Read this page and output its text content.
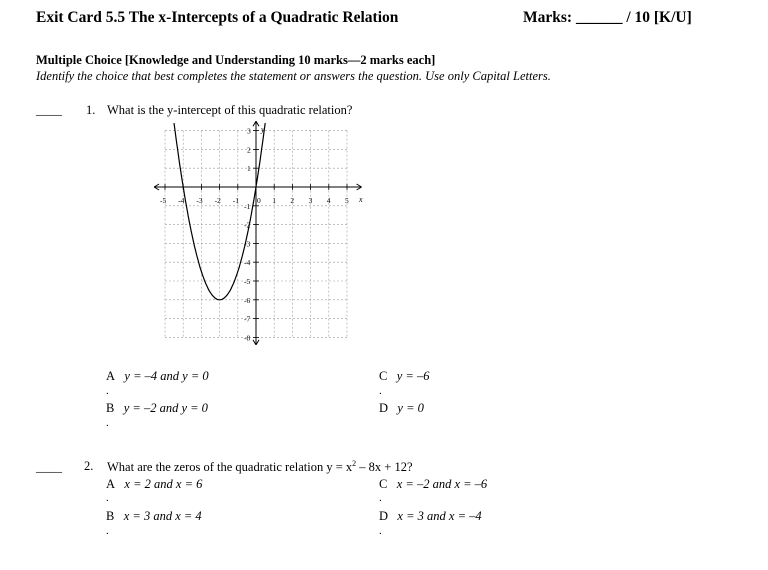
Exit Card 5.5 The x-Intercepts of a Quadratic Relation	Marks: ______ / 10 [K/U]
Multiple Choice [Knowledge and Understanding 10 marks—2 marks each]
Identify the choice that best completes the statement or answers the question. Use only Capital Letters.
____ 1. What is the y-intercept of this quadratic relation?
-5 -4 -3 -2 -1 0 1 2 3 4 5
3
2
1
-1
-2
-3
-4
-5
-6
-7
-8
x
y
A y = –4 and y = 0
.
B y = –2 and y = 0
.
C y = –6
.
D y = 0
____ 2. What are the zeros of the quadratic relation $y = x^2 - 8x + 12$?
A x = 2 and x = 6
.
B x = 3 and x = 4
.
C x = –2 and x = –6
.
D x = 3 and x = –4
.
